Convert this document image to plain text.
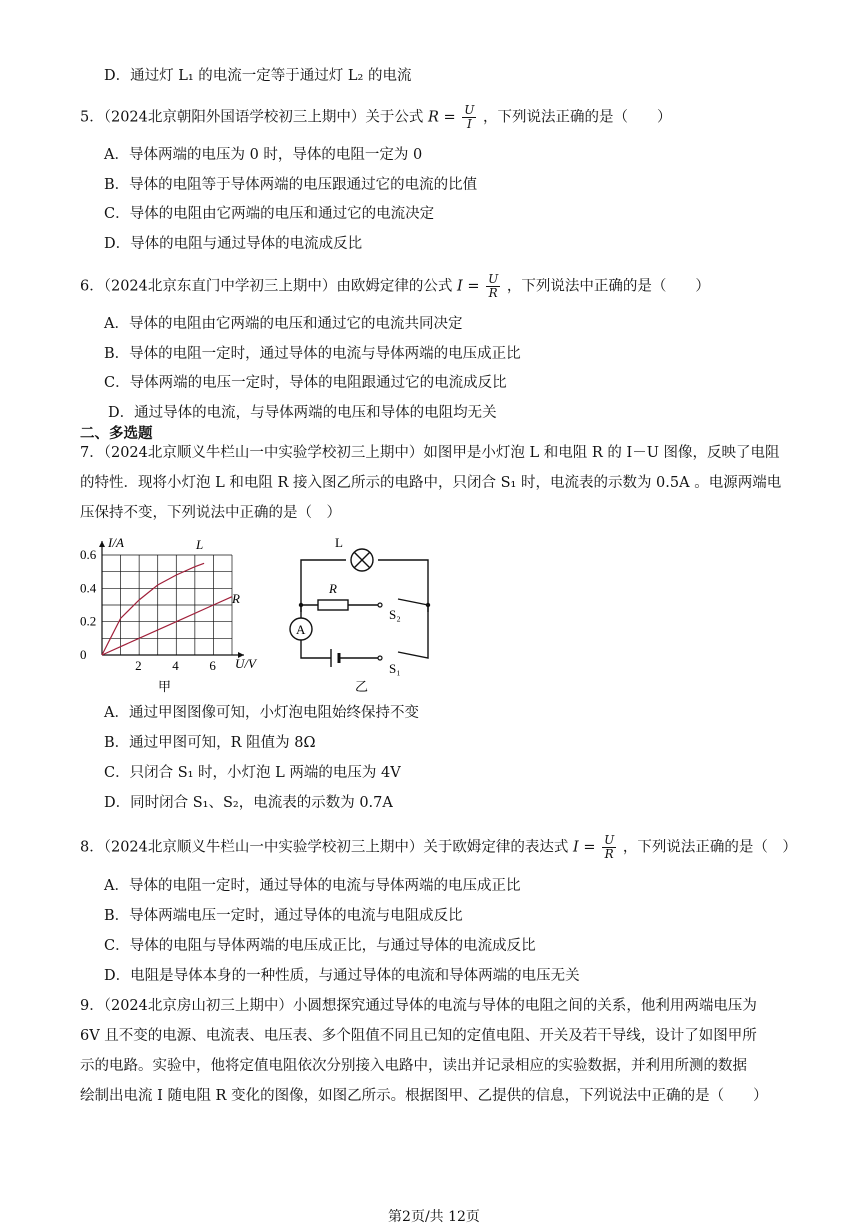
D．通过灯 L₁ 的电流一定等于通过灯 L₂ 的电流
5．（2024北京朝阳外国语学校初三上期中）关于公式 $R = \frac{U}{I}$ ，下列说法正确的是（　　）
A．导体两端的电压为 0 时，导体的电阻一定为 0
B．导体的电阻等于导体两端的电压跟通过它的电流的比值
C．导体的电阻由它两端的电压和通过它的电流决定
D．导体的电阻与通过导体的电流成反比
6．（2024北京东直门中学初三上期中）由欧姆定律的公式 $I = \frac{U}{R}$ ，下列说法中正确的是（　　）
A．导体的电阻由它两端的电压和通过它的电流共同决定
B．导体的电阻一定时，通过导体的电流与导体两端的电压成正比
C．导体两端的电压一定时，导体的电阻跟通过它的电流成反比
D．通过导体的电流，与导体两端的电压和导体的电阻均无关
二、多选题
7．（2024北京顺义牛栏山一中实验学校初三上期中）如图甲是小灯泡 L 和电阻 R 的 I－U 图像，反映了电阻
的特性．现将小灯泡 L 和电阻 R 接入图乙所示的电路中，只闭合 S₁ 时，电流表的示数为 0.5A 。电源两端电
压保持不变，下列说法中正确的是（　）
2 4 6
0
0.2
0.4
0.6
I/A
U/V
L
R
甲
L
R
S₂
A
S₁
乙
A．通过甲图图像可知，小灯泡电阻始终保持不变
B．通过甲图可知，R 阻值为 8Ω
C．只闭合 S₁ 时，小灯泡 L 两端的电压为 4V
D．同时闭合 S₁、S₂，电流表的示数为 0.7A
8．（2024北京顺义牛栏山一中实验学校初三上期中）关于欧姆定律的表达式 $I = \frac{U}{R}$ ，下列说法正确的是（　）
A．导体的电阻一定时，通过导体的电流与导体两端的电压成正比
B．导体两端电压一定时，通过导体的电流与电阻成反比
C．导体的电阻与导体两端的电压成正比，与通过导体的电流成反比
D．电阻是导体本身的一种性质，与通过导体的电流和导体两端的电压无关
9．（2024北京房山初三上期中）小圆想探究通过导体的电流与导体的电阻之间的关系，他利用两端电压为
6V 且不变的电源、电流表、电压表、多个阻值不同且已知的定值电阻、开关及若干导线，设计了如图甲所
示的电路。实验中，他将定值电阻依次分别接入电路中，读出并记录相应的实验数据，并利用所测的数据
绘制出电流 I 随电阻 R 变化的图像，如图乙所示。根据图甲、乙提供的信息，下列说法中正确的是（　　）
第2页/共 12页
